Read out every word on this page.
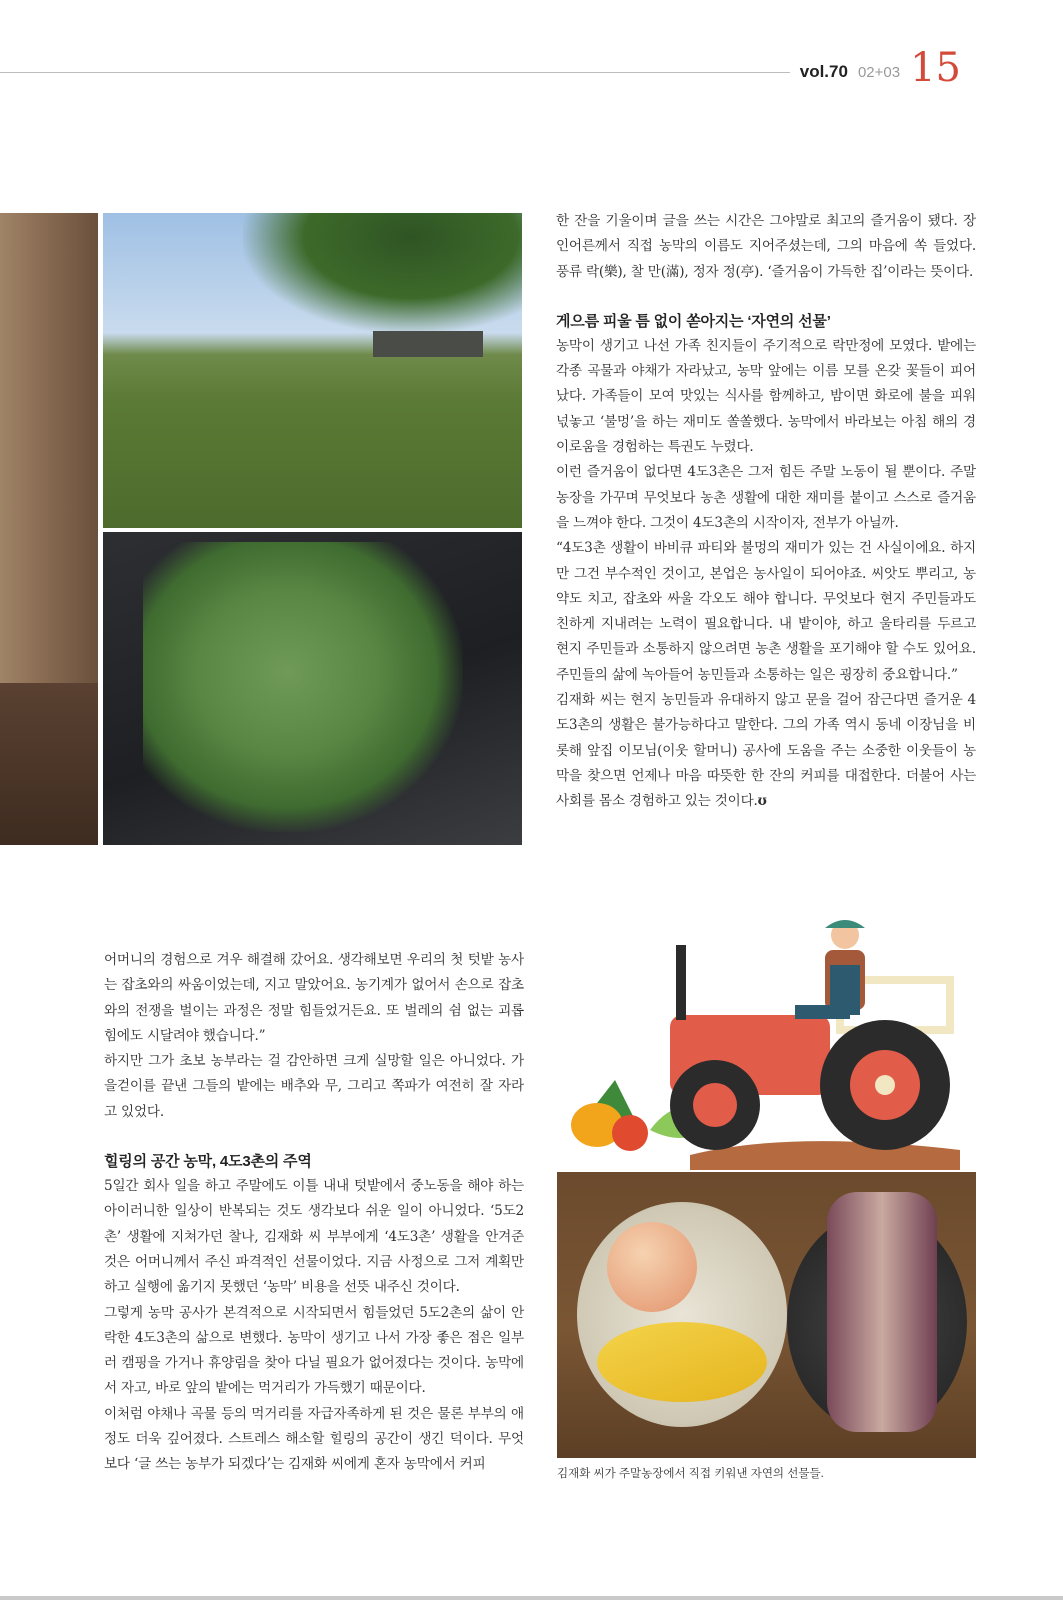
vol.70 02+03 15
김재화 씨가 주말농장에서 직접 키워낸 자연의 선물들.

한 잔을 기울이며 글을 쓰는 시간은 그야말로 최고의 즐거움이 됐다. 장인어른께서 직접 농막의 이름도 지어주셨는데, 그의 마음에 쏙 들었다. 풍류 락(樂), 찰 만(滿), 정자 정(亭). ‘즐거움이 가득한 집’이라는 뜻이다.

게으름 피울 틈 없이 쏟아지는 ‘자연의 선물’

농막이 생기고 나선 가족 친지들이 주기적으로 락만정에 모였다. 밭에는 각종 곡물과 야채가 자라났고, 농막 앞에는 이름 모를 온갖 꽃들이 피어났다. 가족들이 모여 맛있는 식사를 함께하고, 밤이면 화로에 불을 피워 넋놓고 ‘불멍’을 하는 재미도 쏠쏠했다. 농막에서 바라보는 아침 해의 경이로움을 경험하는 특권도 누렸다.

이런 즐거움이 없다면 4도3촌은 그저 힘든 주말 노동이 될 뿐이다. 주말농장을 가꾸며 무엇보다 농촌 생활에 대한 재미를 붙이고 스스로 즐거움을 느껴야 한다. 그것이 4도3촌의 시작이자, 전부가 아닐까.

“4도3촌 생활이 바비큐 파티와 불멍의 재미가 있는 건 사실이에요. 하지만 그건 부수적인 것이고, 본업은 농사일이 되어야죠. 씨앗도 뿌리고, 농약도 치고, 잡초와 싸울 각오도 해야 합니다. 무엇보다 현지 주민들과도 친하게 지내려는 노력이 필요합니다. 내 밭이야, 하고 울타리를 두르고 현지 주민들과 소통하지 않으려면 농촌 생활을 포기해야 할 수도 있어요. 주민들의 삶에 녹아들어 농민들과 소통하는 일은 굉장히 중요합니다.”

김재화 씨는 현지 농민들과 유대하지 않고 문을 걸어 잠근다면 즐거운 4도3촌의 생활은 불가능하다고 말한다. 그의 가족 역시 동네 이장님을 비롯해 앞집 이모님(이웃 할머니) 공사에 도움을 주는 소중한 이웃들이 농막을 찾으면 언제나 마음 따뜻한 한 잔의 커피를 대접한다. 더불어 사는 사회를 몸소 경험하고 있는 것이다.ʊ

어머니의 경험으로 겨우 해결해 갔어요. 생각해보면 우리의 첫 텃밭 농사는 잡초와의 싸움이었는데, 지고 말았어요. 농기계가 없어서 손으로 잡초와의 전쟁을 벌이는 과정은 정말 힘들었거든요. 또 벌레의 쉼 없는 괴롭힘에도 시달려야 했습니다.”

하지만 그가 초보 농부라는 걸 감안하면 크게 실망할 일은 아니었다. 가을걷이를 끝낸 그들의 밭에는 배추와 무, 그리고 쪽파가 여전히 잘 자라고 있었다.

힐링의 공간 농막, 4도3촌의 주역

5일간 회사 일을 하고 주말에도 이틀 내내 텃밭에서 중노동을 해야 하는 아이러니한 일상이 반복되는 것도 생각보다 쉬운 일이 아니었다. ‘5도2촌’ 생활에 지쳐가던 찰나, 김재화 씨 부부에게 ‘4도3촌’ 생활을 안겨준 것은 어머니께서 주신 파격적인 선물이었다. 지금 사정으로 그저 계획만 하고 실행에 옮기지 못했던 ‘농막’ 비용을 선뜻 내주신 것이다.

그렇게 농막 공사가 본격적으로 시작되면서 힘들었던 5도2촌의 삶이 안락한 4도3촌의 삶으로 변했다. 농막이 생기고 나서 가장 좋은 점은 일부러 캠핑을 가거나 휴양림을 찾아 다닐 필요가 없어졌다는 것이다. 농막에서 자고, 바로 앞의 밭에는 먹거리가 가득했기 때문이다.

이처럼 야채나 곡물 등의 먹거리를 자급자족하게 된 것은 물론 부부의 애정도 더욱 깊어졌다. 스트레스 해소할 힐링의 공간이 생긴 덕이다. 무엇보다 ‘글 쓰는 농부가 되겠다’는 김재화 씨에게 혼자 농막에서 커피
